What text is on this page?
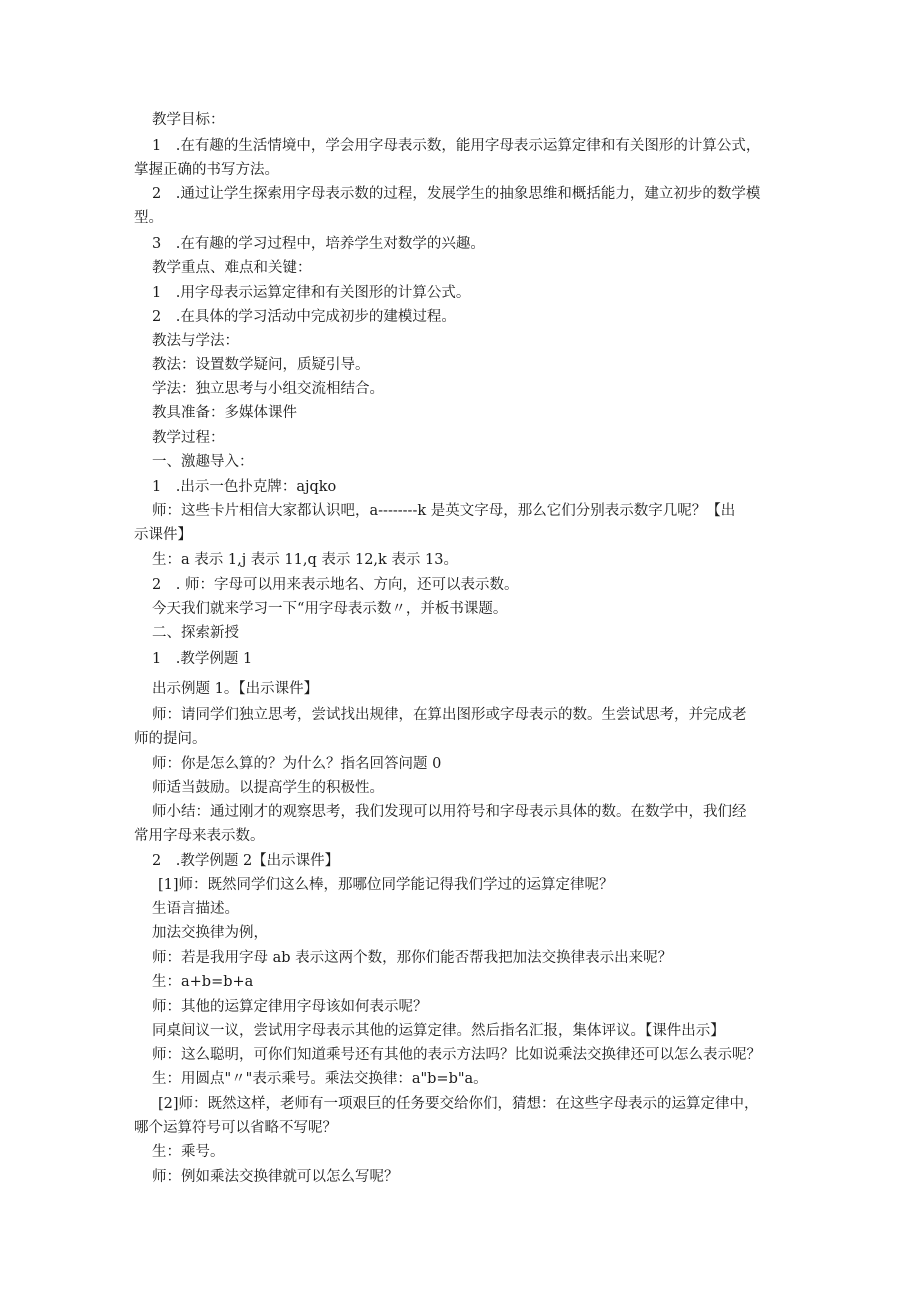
教学目标：
1　.在有趣的生活情境中，学会用字母表示数，能用字母表示运算定律和有关图形的计算公式，
掌握正确的书写方法。
2　.通过让学生探索用字母表示数的过程，发展学生的抽象思维和概括能力，建立初步的数学模
型。
3　.在有趣的学习过程中，培养学生对数学的兴趣。
教学重点、难点和关键：
1　.用字母表示运算定律和有关图形的计算公式。
2　.在具体的学习活动中完成初步的建模过程。
教法与学法：
教法：设置数学疑问，质疑引导。
学法：独立思考与小组交流相结合。
教具准备：多媒体课件
教学过程：
一、激趣导入：
1　.出示一色扑克牌：ajqko
师：这些卡片相信大家都认识吧，a--------k 是英文字母，那么它们分别表示数字几呢？【出
示课件】
生：a 表示 1,j 表示 11,q 表示 12,k 表示 13。
2　. 师：字母可以用来表示地名、方向，还可以表示数。
今天我们就来学习一下“用字母表示数〃，并板书课题。
二、探索新授
1　.教学例题 1
出示例题 1。【出示课件】
师：请同学们独立思考，尝试找出规律，在算出图形或字母表示的数。生尝试思考，并完成老
师的提问。
师：你是怎么算的？为什么？指名回答问题 0
师适当鼓励。以提高学生的积极性。
师小结：通过刚才的观察思考，我们发现可以用符号和字母表示具体的数。在数学中，我们经
常用字母来表示数。
2　.教学例题 2【出示课件】
[1]师：既然同学们这么棒，那哪位同学能记得我们学过的运算定律呢？
生语言描述。
加法交换律为例，
师：若是我用字母 ab 表示这两个数，那你们能否帮我把加法交换律表示出来呢？
生：a+b=b+a
师：其他的运算定律用字母该如何表示呢？
同桌间议一议，尝试用字母表示其他的运算定律。然后指名汇报，集体评议。【课件出示】
师：这么聪明，可你们知道乘号还有其他的表示方法吗？比如说乘法交换律还可以怎么表示呢？
生：用圆点"〃"表示乘号。乘法交换律：a"b=b"a。
[2]师：既然这样，老师有一项艰巨的任务要交给你们，猜想：在这些字母表示的运算定律中，
哪个运算符号可以省略不写呢？
生：乘号。
师：例如乘法交换律就可以怎么写呢？
